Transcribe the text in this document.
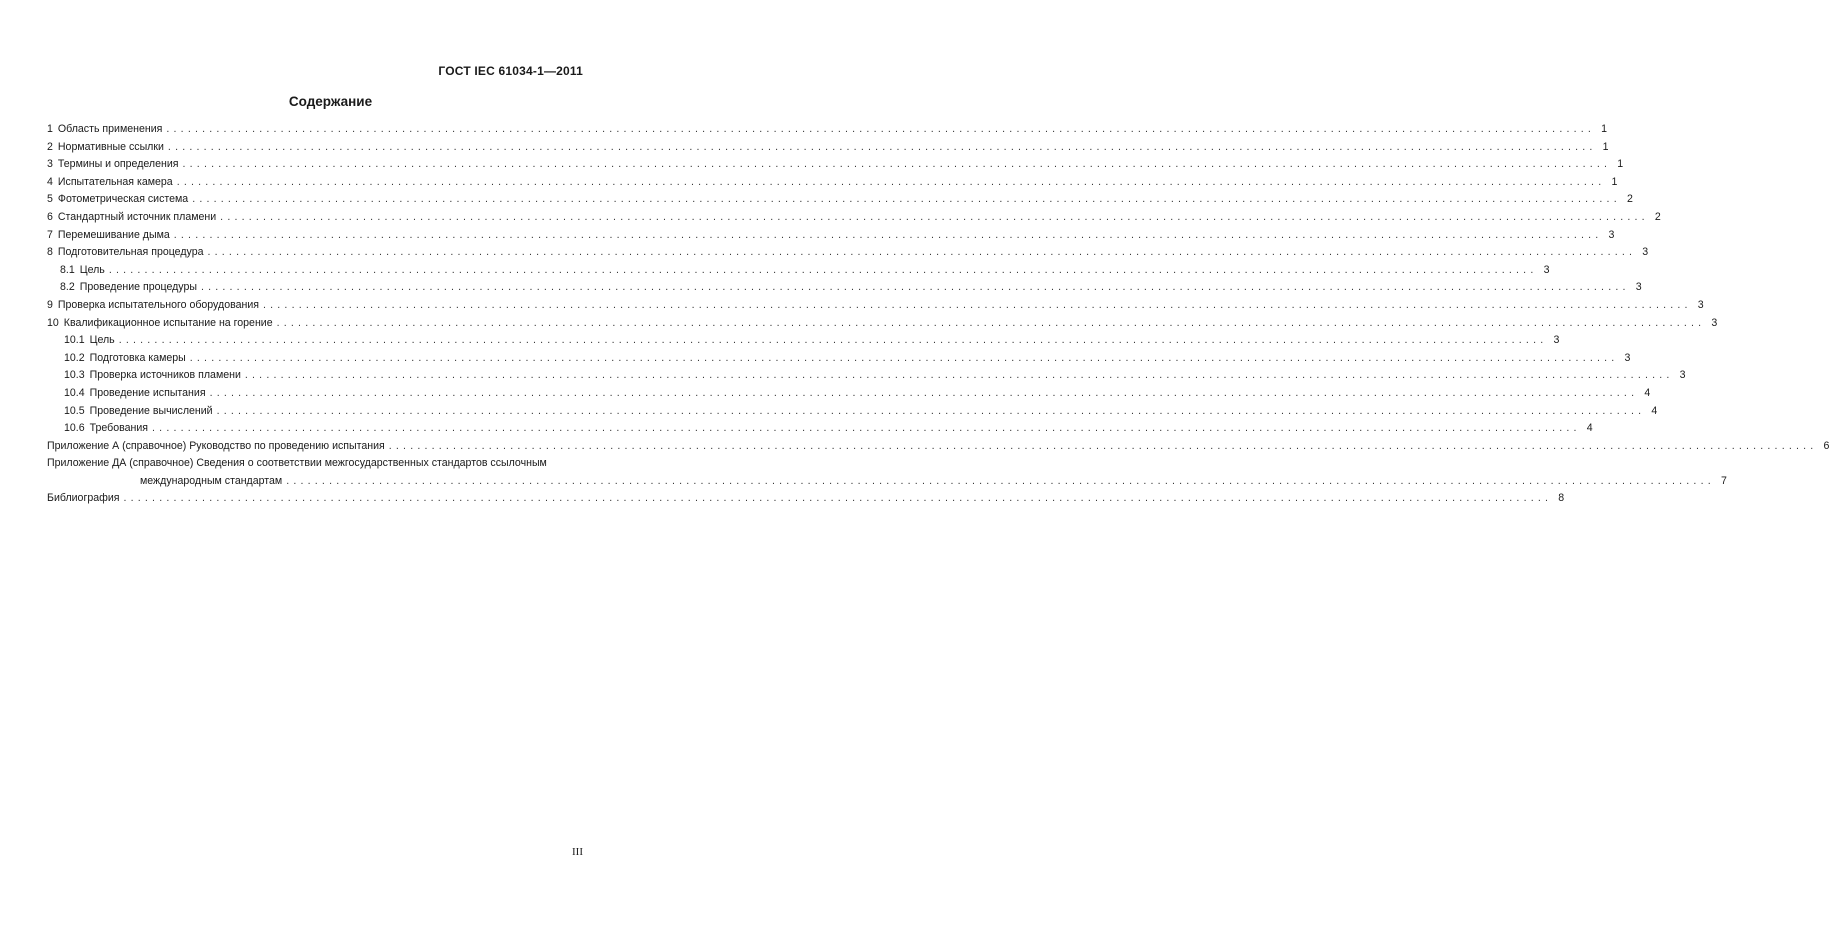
ГОСТ IEC 61034-1—2011
Содержание
1 Область применения ........................................................................................................................................................................................................ 1
2 Нормативные ссылки ........................................................................................................................................................................................................ 1
3 Термины и определения ........................................................................................................................................................................................................ 1
4 Испытательная камера ........................................................................................................................................................................................................ 1
5 Фотометрическая система ........................................................................................................................................................................................................ 2
6 Стандартный источник пламени ........................................................................................................................................................................................................ 2
7 Перемешивание дыма ........................................................................................................................................................................................................ 3
8 Подготовительная процедура ........................................................................................................................................................................................................ 3
8.1 Цель ........................................................................................................................................................................................................ 3
8.2 Проведение процедуры ........................................................................................................................................................................................................ 3
9 Проверка испытательного оборудования ........................................................................................................................................................................................................ 3
10 Квалификационное испытание на горение ........................................................................................................................................................................................................ 3
10.1 Цель ........................................................................................................................................................................................................ 3
10.2 Подготовка камеры ........................................................................................................................................................................................................ 3
10.3 Проверка источников пламени ........................................................................................................................................................................................................ 3
10.4 Проведение испытания ........................................................................................................................................................................................................ 4
10.5 Проведение вычислений ........................................................................................................................................................................................................ 4
10.6 Требования ........................................................................................................................................................................................................ 4
Приложение А (справочное) Руководство по проведению испытания ........................................................................................................................................................................................................ 6
Приложение ДА (справочное) Сведения о соответствии межгосударственных стандартов ссылочным
международным стандартам ........................................................................................................................................................................................................ 7
Библиография ........................................................................................................................................................................................................ 8
III
